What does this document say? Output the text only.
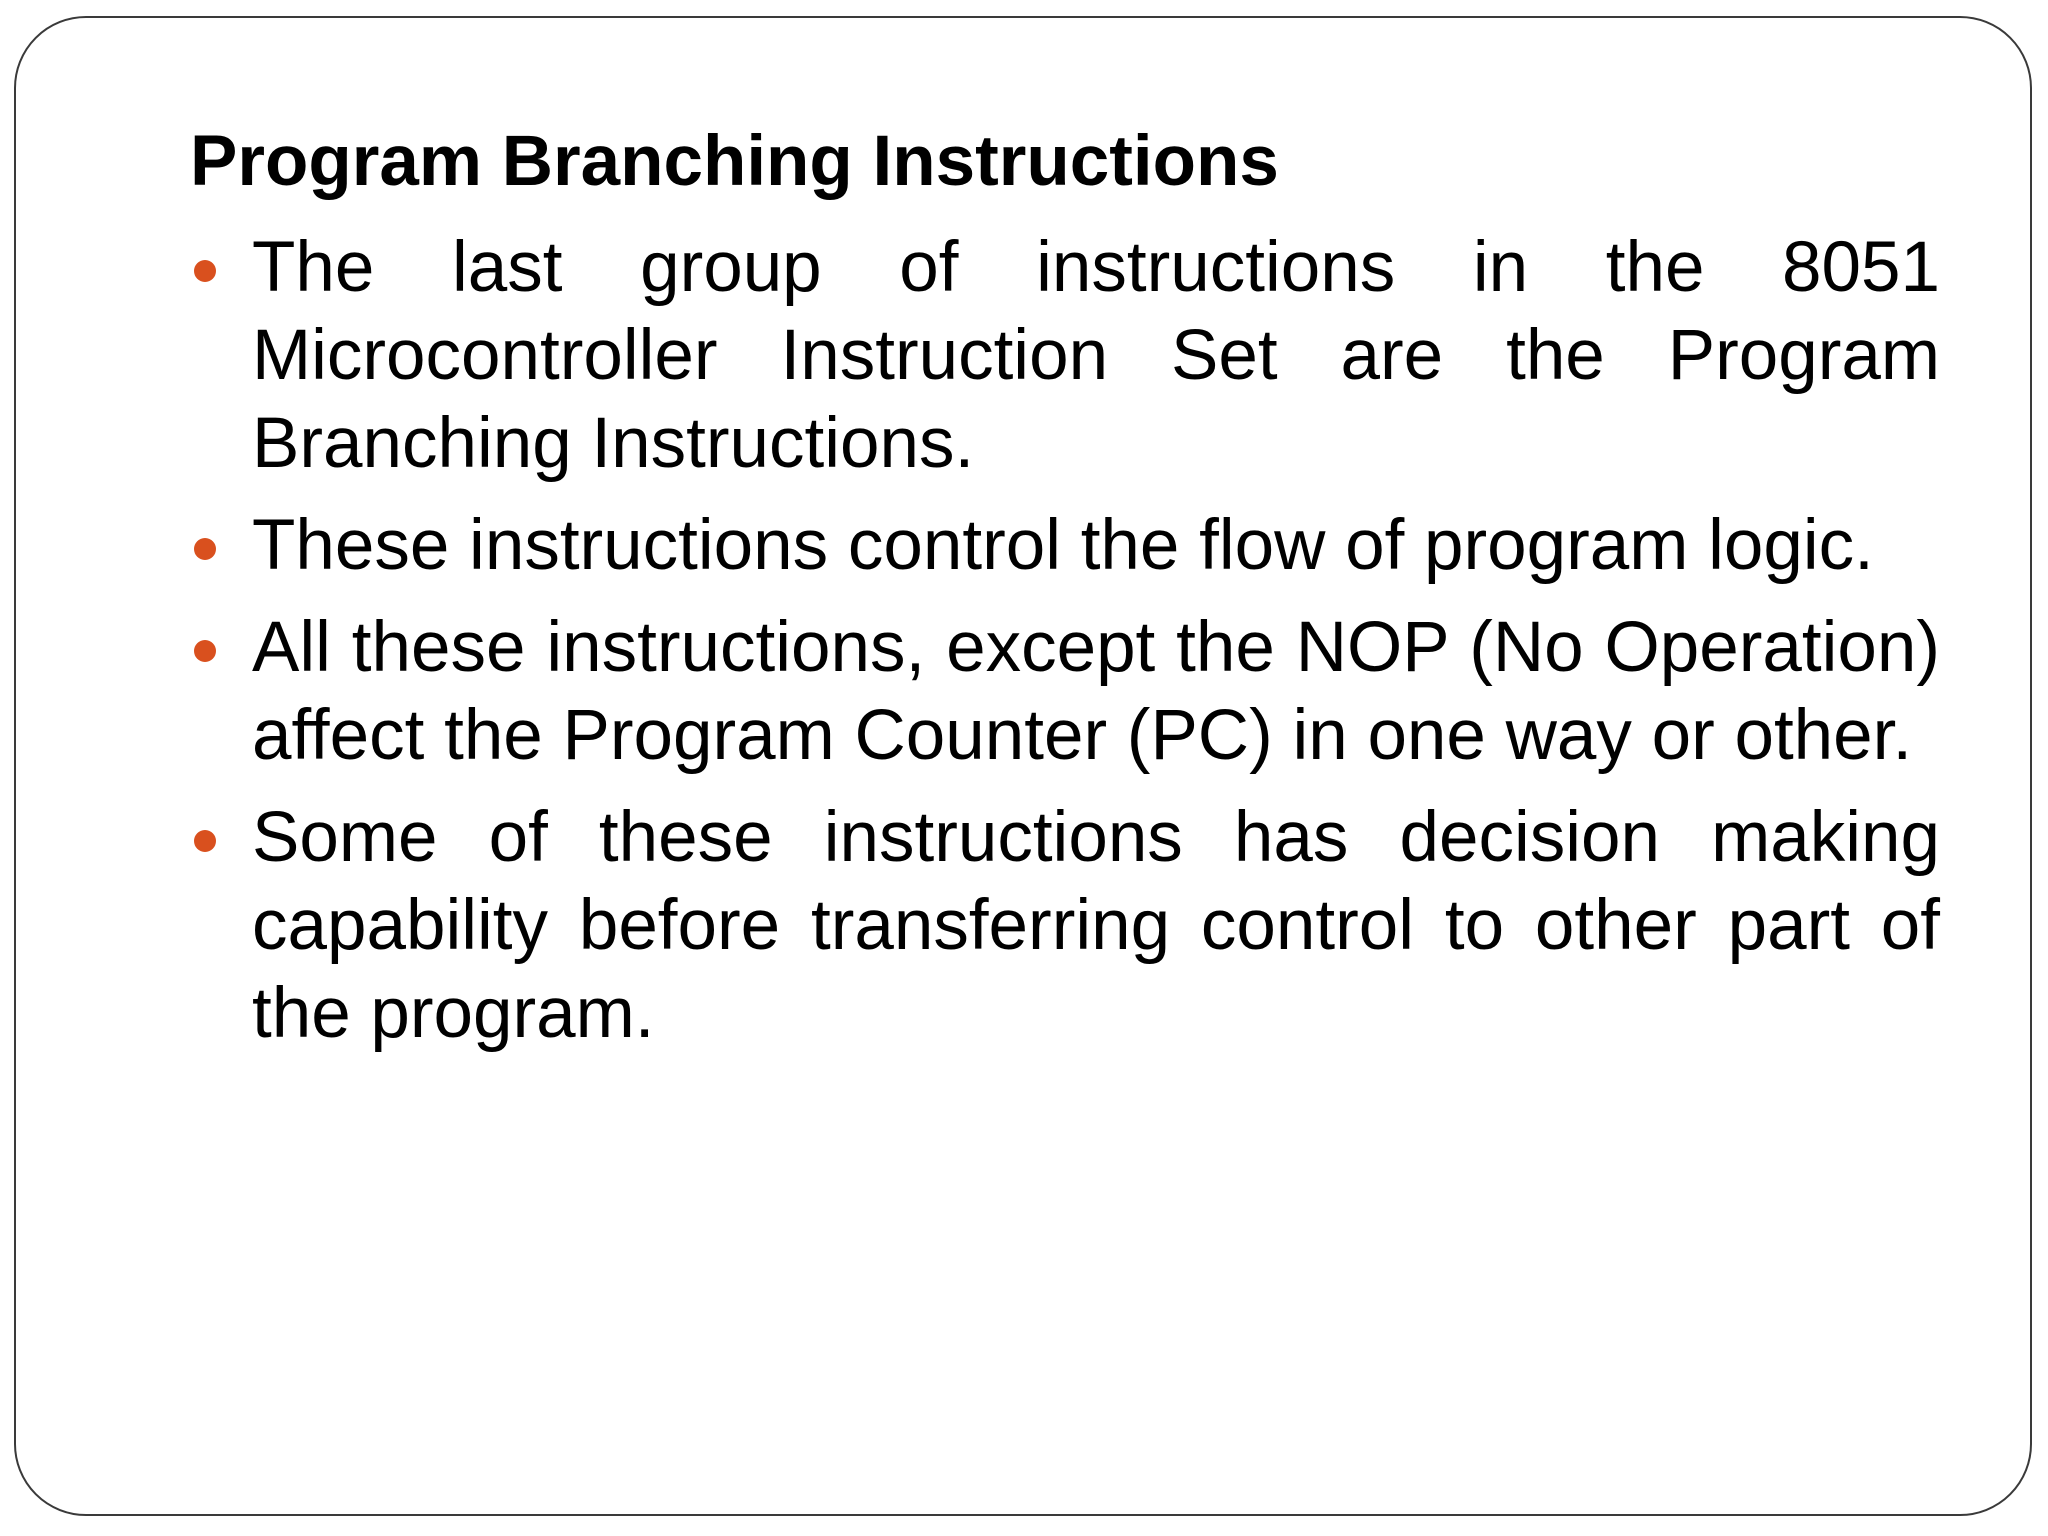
Program Branching Instructions
The last group of instructions in the 8051 Microcontroller Instruction Set are the Program Branching Instructions.
These instructions control the flow of program logic.
All these instructions, except the NOP (No Operation) affect the Program Counter (PC) in one way or other.
Some of these instructions has decision making capability before transferring control to other part of the program.
